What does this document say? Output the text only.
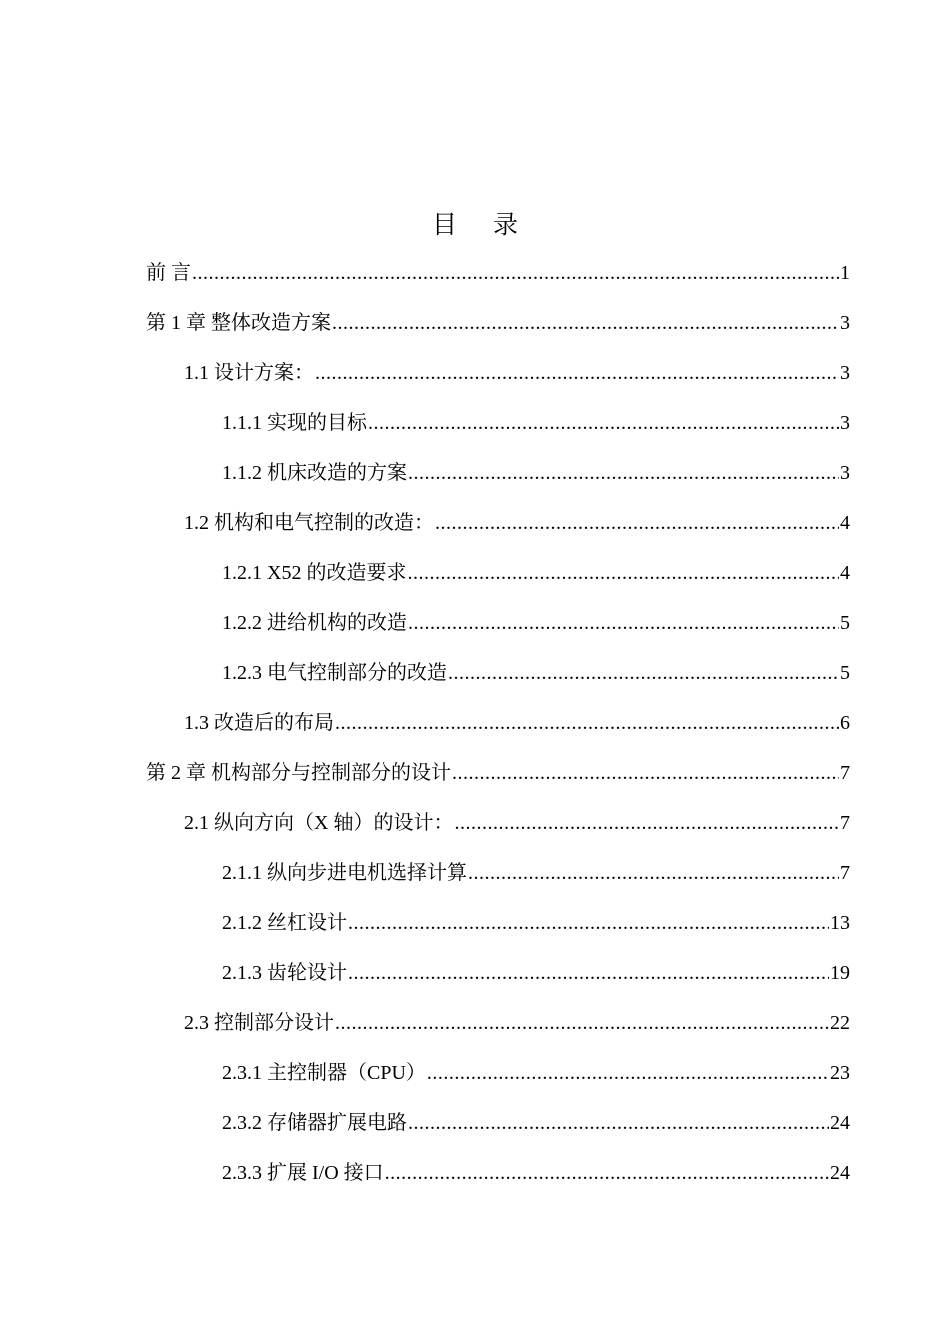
目 录
前 言 .....	1
第 1 章 整体改造方案 .....	3
1.1 设计方案： .....	3
1.1.1 实现的目标 .....	3
1.1.2 机床改造的方案 .....	3
1.2 机构和电气控制的改造： .....	4
1.2.1 X52 的改造要求 .....	4
1.2.2 进给机构的改造 .....	5
1.2.3 电气控制部分的改造 .....	5
1.3 改造后的布局 .....	6
第 2 章 机构部分与控制部分的设计 .....	7
2.1 纵向方向（X 轴）的设计： .....	7
2.1.1 纵向步进电机选择计算 .....	7
2.1.2 丝杠设计 .....	13
2.1.3 齿轮设计 .....	19
2.3 控制部分设计 .....	22
2.3.1 主控制器（CPU） .....	23
2.3.2 存储器扩展电路 .....	24
2.3.3 扩展 I/O 接口 .....	24
